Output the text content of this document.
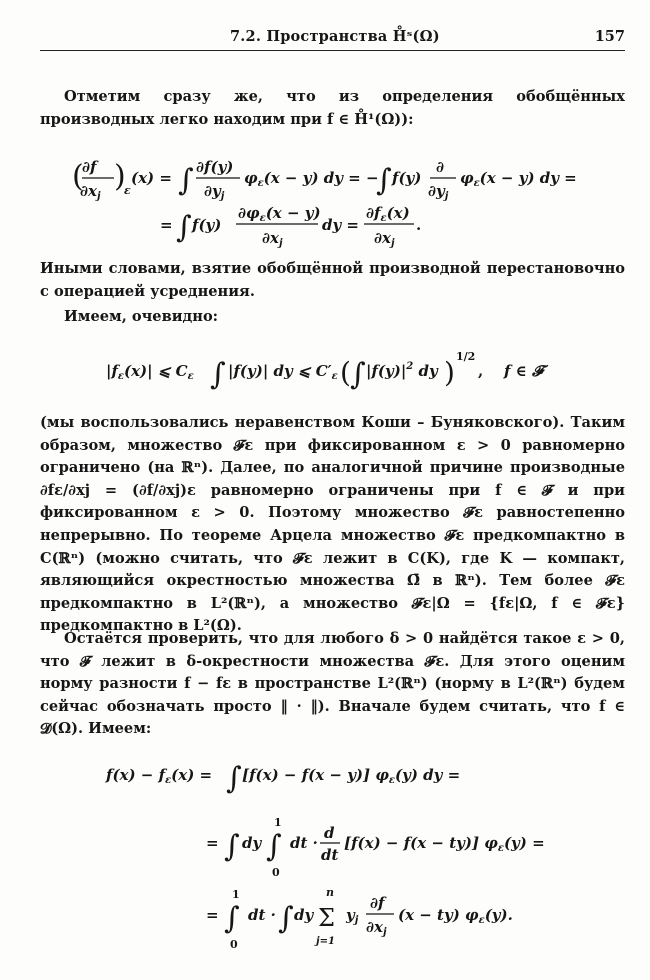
7.2. Пространства H̊ˢ(Ω)	157
Отметим сразу же, что из определения обобщённых производных легко находим при f ∈ H̊¹(Ω)):
(
∂f
$\partial x_j$
)
ε
(x) = ∫ ∂f(y)
$\partial y_j$
$\varphi_\varepsilon(x - y)$ dy = −
∫ f(y)
∂
$\partial y_j$
$\varphi_\varepsilon(x - y)$ dy =
= ∫ f(y)
$\partial\varphi_\varepsilon(x - y)$
$\partial x_j$
dy =
$\partial f_\varepsilon(x)$
$\partial x_j$
.
Иными словами, взятие обобщённой производной перестановочно с операцией усреднения.
Имеем, очевидно:
$|f_\varepsilon(x)|$ ⩽ $C_\varepsilon$ ∫ |f(y)| dy ⩽ $C'_\varepsilon$ ( ∫ $|f(y)|^2$ dy ) 1/2
, f ∈ 𝓕
(мы воспользовались неравенством Коши – Буняковского). Таким образом, множество 𝓕ε при фиксированном ε > 0 равномерно ограничено (на ℝⁿ). Далее, по аналогичной причине производные ∂fε/∂xj = (∂f/∂xj)ε равномерно ограничены при f ∈ 𝓕 и при фиксированном ε > 0. Поэтому множество 𝓕ε равностепенно непрерывно. По теореме Арцела множество 𝓕ε предкомпактно в C(ℝⁿ) (можно считать, что 𝓕ε лежит в C(K), где K — компакт, являющийся окрестностью множества Ω̄ в ℝⁿ). Тем более 𝓕ε предкомпактно в L²(ℝⁿ), а множество 𝓕ε|Ω = {fε|Ω, f ∈ 𝓕ε} предкомпактно в L²(Ω).
Остаётся проверить, что для любого δ > 0 найдётся такое ε > 0, что 𝓕 лежит в δ-окрестности множества 𝓕ε. Для этого оценим норму разности f − fε в пространстве L²(ℝⁿ) (норму в L²(ℝⁿ) будем сейчас обозначать просто ‖ · ‖). Вначале будем считать, что f ∈ 𝓓(Ω). Имеем:
$f(x) - f_\varepsilon(x)$ = ∫ [f(x) − f(x − y)] $\varphi_\varepsilon(y)$ dy =
= ∫ dy
1
∫
0
dt ·
d
dt
[f(x) − f(x − ty)] $\varphi_\varepsilon(y)$ =
=
1
∫
0
dt · ∫ dy
n
Σ
j=1
$y_j$
∂f
$\partial x_j$
(x − ty) $\varphi_\varepsilon(y)$.
